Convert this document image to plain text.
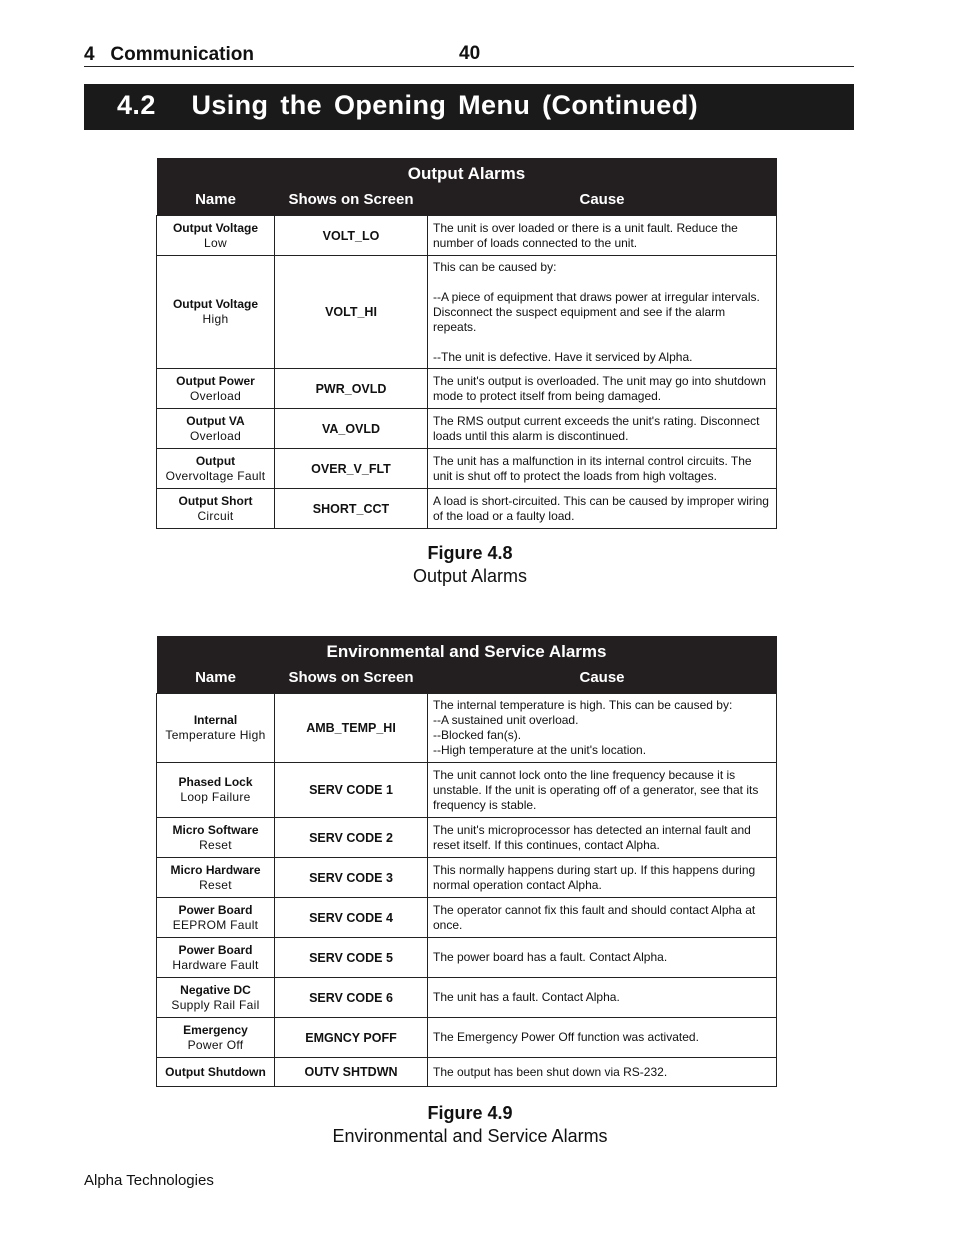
4   Communication	40
4.2   Using the Opening Menu (Continued)
Output Alarms		
Name	Shows on Screen	Cause

Output Voltage
Low	VOLT_LO	The unit is over loaded or there is a unit fault. Reduce the number of loads connected to the unit.

Output Voltage
High	VOLT_HI	This can be caused by:
--A piece of equipment that draws power at irregular intervals. Disconnect the suspect equipment and see if the alarm repeats.
--The unit is defective. Have it serviced by Alpha.

Output Power
Overload	PWR_OVLD	The unit's output is overloaded. The unit may go into shutdown mode to protect itself from being damaged.

Output VA
Overload	VA_OVLD	The RMS output current exceeds the unit's rating. Disconnect loads until this alarm is discontinued.

Output
Overvoltage Fault	OVER_V_FLT	The unit has a malfunction in its internal control circuits. The unit is shut off to protect the loads from high voltages.

Output Short
Circuit	SHORT_CCT	A load is short-circuited. This can be caused by improper wiring of the load or a faulty load.
Figure 4.8
Output Alarms
Environmental and Service Alarms		
Name	Shows on Screen	Cause

Internal
Temperature High	AMB_TEMP_HI	The internal temperature is high. This can be caused by:
--A sustained unit overload.
--Blocked fan(s).
--High temperature at the unit's location.

Phased Lock
Loop Failure	SERV CODE 1	The unit cannot lock onto the line frequency because it is unstable. If the unit is operating off of a generator, see that its frequency is stable.

Micro Software
Reset	SERV CODE 2	The unit's microprocessor has detected an internal fault and reset itself. If this continues, contact Alpha.

Micro Hardware
Reset	SERV CODE 3	This normally happens during start up. If this happens during normal operation contact Alpha.

Power Board
EEPROM Fault	SERV CODE 4	The operator cannot fix this fault and should contact Alpha at once.

Power Board
Hardware Fault	SERV CODE 5	The power board has a fault. Contact Alpha.

Negative DC
Supply Rail Fail	SERV CODE 6	The unit has a fault. Contact Alpha.

Emergency
Power Off	EMGNCY POFF	The Emergency Power Off function was activated.

Output Shutdown	OUTV SHTDWN	The output has been shut down via RS-232.
Figure 4.9
Environmental and Service Alarms
Alpha Technologies
